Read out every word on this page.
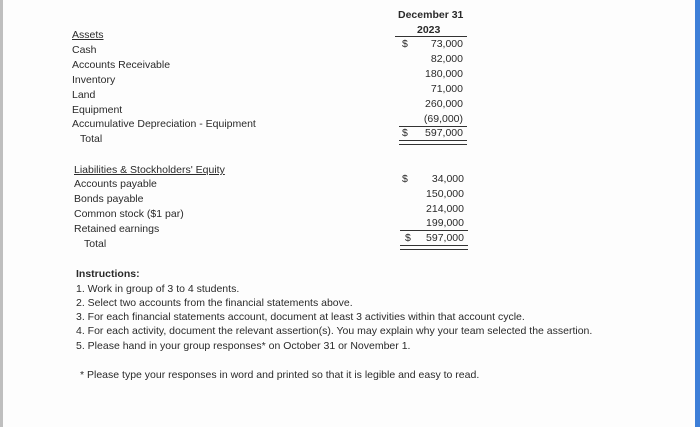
December 31
2023
Assets
Cash	$	73,000
Accounts Receivable	82,000
Inventory	180,000
Land	71,000
Equipment	260,000
Accumulative Depreciation - Equipment	(69,000)
Total	$	597,000
Liabilities & Stockholders' Equity
Accounts payable	$	34,000
Bonds payable	150,000
Common stock ($1 par)	214,000
Retained earnings	199,000
Total	$	597,000
Instructions:
1. Work in group of 3 to 4 students.
2. Select two accounts from the financial statements above.
3. For each financial statements account, document at least 3 activities within that account cycle.
4. For each activity, document the relevant assertion(s). You may explain why your team selected the assertion.
5. Please hand in your group responses* on October 31 or November 1.
* Please type your responses in word and printed so that it is legible and easy to read.
